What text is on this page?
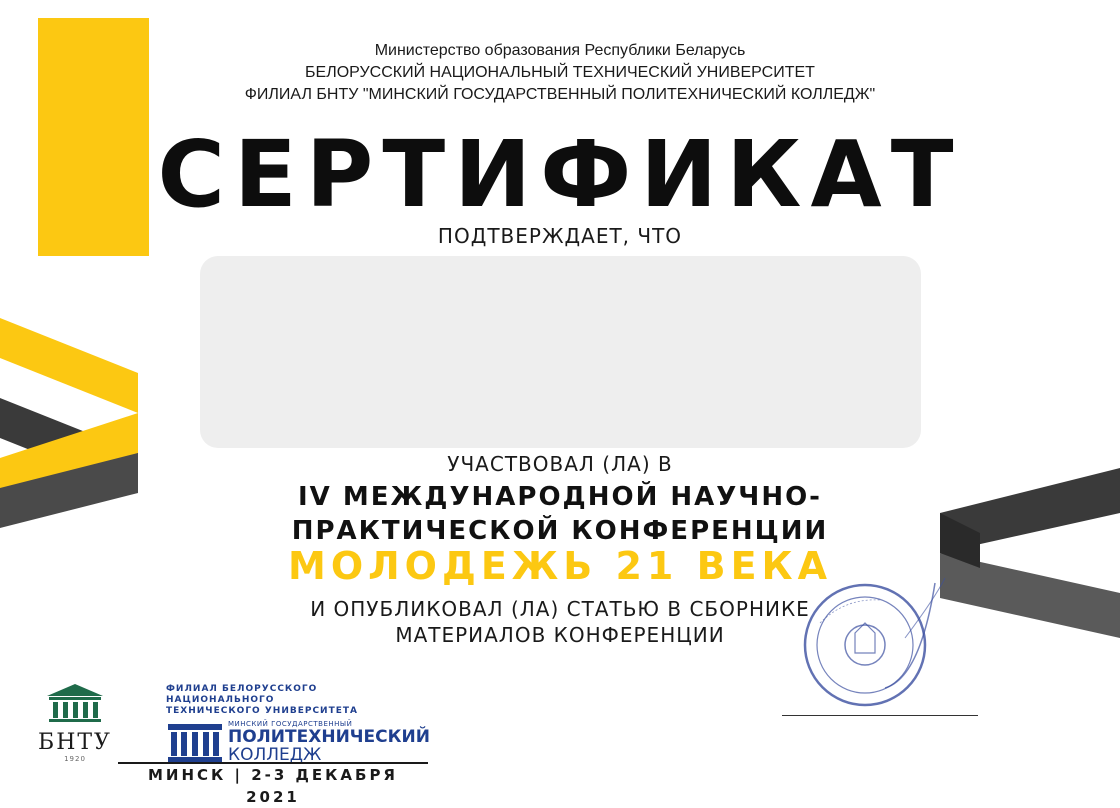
Министерство образования Республики Беларусь
БЕЛОРУССКИЙ НАЦИОНАЛЬНЫЙ ТЕХНИЧЕСКИЙ УНИВЕРСИТЕТ
ФИЛИАЛ БНТУ "МИНСКИЙ ГОСУДАРСТВЕННЫЙ ПОЛИТЕХНИЧЕСКИЙ КОЛЛЕДЖ"
СЕРТИФИКАТ
ПОДТВЕРЖДАЕТ, ЧТО
УЧАСТВОВАЛ (ЛА) В
IV МЕЖДУНАРОДНОЙ НАУЧНО-
ПРАКТИЧЕСКОЙ КОНФЕРЕНЦИИ
МОЛОДЕЖЬ 21 ВЕКА
И ОПУБЛИКОВАЛ (ЛА) СТАТЬЮ В СБОРНИКЕ
МАТЕРИАЛОВ КОНФЕРЕНЦИИ
БНТУ
1920
ФИЛИАЛ БЕЛОРУССКОГО НАЦИОНАЛЬНОГО
ТЕХНИЧЕСКОГО УНИВЕРСИТЕТА
МИНСКИЙ ГОСУДАРСТВЕННЫЙ
ПОЛИТЕХНИЧЕСКИЙ
КОЛЛЕДЖ
МИНСК | 2-3 ДЕКАБРЯ 2021
